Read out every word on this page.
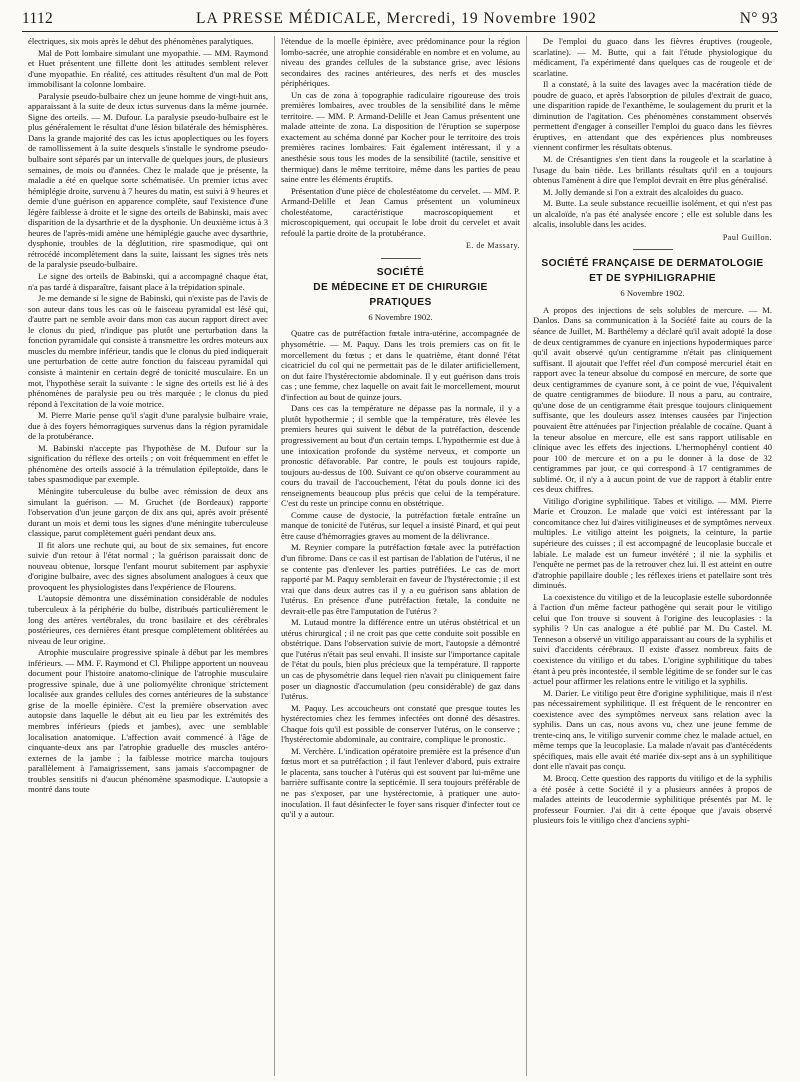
1112	LA PRESSE MÉDICALE, Mercredi, 19 Novembre 1902	N° 93

électriques, six mois après le début des phénomènes paralytiques.

Mal de Pott lombaire simulant une myopathie. — MM. Raymond et Huet présentent une fillette dont les attitudes semblent relever d'une myopathie. En réalité, ces attitudes résultent d'un mal de Pott immobilisant la colonne lombaire.

Paralysie pseudo-bulbaire chez un jeune homme de vingt-huit ans, apparaissant à la suite de deux ictus survenus dans la même journée. Signe des orteils. — M. Dufour. La paralysie pseudo-bulbaire est le plus généralement le résultat d'une lésion bilatérale des hémisphères. Dans la grande majorité des cas les ictus apoplectiques ou les foyers de ramollissement à la suite desquels s'installe le syndrome pseudo-bulbaire sont séparés par un intervalle de quelques jours, de plusieurs semaines, de mois ou d'années. Chez le malade que je présente, la maladie a été en quelque sorte schématisée. Un premier ictus avec hémiplégie droite, survenu à 7 heures du matin, est suivi à 9 heures et demie d'une guérison en apparence complète, sauf l'existence d'une légère faiblesse à droite et le signe des orteils de Babinski, mais avec disparition de la dysarthrie et de la dysphonie. Un deuxième ictus à 3 heures de l'après-midi amène une hémiplégie gauche avec dysarthrie, dysphonie, troubles de la déglutition, rire spasmodique, qui ont rétrocédé incomplètement dans la suite, laissant les signes très nets de la paralysie pseudo-bulbaire.

Le signe des orteils de Babinski, qui a accompagné chaque état, n'a pas tardé à disparaître, faisant place à la trépidation spinale.

Je me demande si le signe de Babinski, qui n'existe pas de l'avis de son auteur dans tous les cas où le faisceau pyramidal est lésé qui, d'autre part ne semble avoir dans mon cas aucun rapport direct avec le clonus du pied, n'indique pas plutôt une perturbation dans la fonction pyramidale qui consiste à transmettre les ordres moteurs aux muscles du membre inférieur, tandis que le clonus du pied indiquerait une perturbation de cette autre fonction du faisceau pyramidal qui consiste à maintenir en certain degré de tonicité musculaire. En un mot, l'hypothèse serait la suivante : le signe des orteils est lié à des phénomènes de paralysie peu ou très marquée ; le clonus du pied répond à l'excitation de la voie motrice.

M. Pierre Marie pense qu'il s'agit d'une paralysie bulbaire vraie, due à des foyers hémorragiques survenus dans la région pyramidale de la protubérance.

M. Babinski n'accepte pas l'hypothèse de M. Dufour sur la signification du réflexe des orteils ; on voit fréquemment en effet le phénomène des orteils associé à la trémulation épileptoïde, dans le tabes spasmodique par exemple.

Méningite tuberculeuse du bulbe avec rémission de deux ans simulant la guérison. — M. Gruchet (de Bordeaux) rapporte l'observation d'un jeune garçon de dix ans qui, après avoir présenté durant un mois et demi tous les signes d'une méningite tuberculeuse classique, parut complètement guéri pendant deux ans.

Il fit alors une rechute qui, au bout de six semaines, fut encore suivie d'un retour à l'état normal ; la guérison paraissait donc de nouveau obtenue, lorsque l'enfant mourut subitement par asphyxie d'origine bulbaire, avec des signes absolument analogues à ceux que provoquent les physiologistes dans l'expérience de Flourens.

L'autopsie démontra une dissémination considérable de nodules tuberculeux à la périphérie du bulbe, distribués particulièrement le long des artères vertébrales, du tronc basilaire et des cérébrales postérieures, ces dernières étant presque complètement oblitérées au niveau de leur origine.

Atrophie musculaire progressive spinale à début par les membres inférieurs. — MM. F. Raymond et Cl. Philippe apportent un nouveau document pour l'histoire anatomo-clinique de l'atrophie musculaire progressive spinale, due à une poliomyélite chronique strictement localisée aux grandes cellules des cornes antérieures de la substance grise de la moelle épinière. C'est la première observation avec autopsie dans laquelle le début ait eu lieu par les extrémités des membres inférieurs (pieds et jambes), avec une semblable localisation anatomique. L'affection avait commencé à l'âge de cinquante-deux ans par l'atrophie graduelle des muscles antéro-externes de la jambe ; la faiblesse motrice marcha toujours parallèlement à l'amaigrissement, sans jamais s'accompagner de troubles sensitifs ni d'aucun phénomène spasmodique. L'autopsie a montré dans toute

l'étendue de la moelle épinière, avec prédominance pour la région lombo-sacrée, une atrophie considérable en nombre et en volume, au niveau des grandes cellules de la substance grise, avec lésions secondaires des racines antérieures, des nerfs et des muscles périphériques.

Un cas de zona à topographie radiculaire rigoureuse des trois premières lombaires, avec troubles de la sensibilité dans le même territoire. — MM. P. Armand-Delille et Jean Camus présentent une malade atteinte de zona. La disposition de l'éruption se superpose exactement au schéma donné par Kocher pour le territoire des trois premières racines lombaires. Fait également intéressant, il y a anesthésie sous tous les modes de la sensibilité (tactile, sensitive et thermique) dans le même territoire, même dans les parties de peau saine entre les éléments éruptifs.

Présentation d'une pièce de cholestéatome du cervelet. — MM. P. Armand-Delille et Jean Camus présentent un volumineux cholestéatome, caractéristique macroscopiquement et microscopiquement, qui occupait le lobe droit du cervelet et avait refoulé la partie droite de la protubérance.

E. de Massary.
SOCIÉTÉ
DE MÉDECINE ET DE CHIRURGIE PRATIQUES
6 Novembre 1902.

Quatre cas de putréfaction fœtale intra-utérine, accompagnée de physométrie. — M. Paquy. Dans les trois premiers cas on fit le morcellement du fœtus ; et dans le quatrième, étant donné l'état cicatriciel du col qui ne permettait pas de le dilater artificiellement, on dut faire l'hystérectomie abdominale. Il y eut guérison dans trois cas ; une femme, chez laquelle on avait fait le morcellement, mourut d'infection au bout de quinze jours.

Dans ces cas la température ne dépasse pas la normale, il y a plutôt hypothermie ; il semble que la température, très élevée les premiers heures qui suivent le début de la putréfaction, descende progressivement au bout d'un certain temps. L'hypothermie est due à une intoxication profonde du système nerveux, et comporte un pronostic défavorable. Par contre, le pouls est toujours rapide, toujours au-dessus de 100. Suivant ce qu'on observe couramment au cours du travail de l'accouchement, l'état du pouls donne ici des renseignements beaucoup plus précis que celui de la température. C'est du reste un principe connu en obstétrique.

Comme cause de dystocie, la putréfaction fœtale entraîne un manque de tonicité de l'utérus, sur lequel a insisté Pinard, et qui peut être cause d'hémorragies graves au moment de la délivrance.

M. Reynier compare la putréfaction fœtale avec la putréfaction d'un fibrome. Dans ce cas il est partisan de l'ablation de l'utérus, il ne se contente pas d'enlever les parties putréfiées. Le cas de mort rapporté par M. Paquy semblerait en faveur de l'hystérectomie ; il est vrai que dans deux autres cas il y a eu guérison sans ablation de l'utérus. En présence d'une putréfaction fœtale, la conduite ne devrait-elle pas être l'amputation de l'utérus ?

M. Lutaud montre la différence entre un utérus obstétrical et un utérus chirurgical ; il ne croit pas que cette conduite soit possible en obstétrique. Dans l'observation suivie de mort, l'autopsie a démontré que l'utérus n'était pas seul envahi. Il insiste sur l'importance capitale de l'état du pouls, bien plus précieux que la température. Il rapporte un cas de physométrie dans lequel rien n'avait pu cliniquement faire poser un diagnostic d'accumulation (peu considérable) de gaz dans l'utérus.

M. Paquy. Les accoucheurs ont constaté que presque toutes les hystérectomies chez les femmes infectées ont donné des désastres. Chaque fois qu'il est possible de conserver l'utérus, on le conserve ; l'hystérectomie abdominale, au contraire, complique le pronostic.

M. Verchère. L'indication opératoire première est la présence d'un fœtus mort et sa putréfaction ; il faut l'enlever d'abord, puis extraire le placenta, sans toucher à l'utérus qui est souvent par lui-même une barrière suffisante contre la septicémie. Il sera toujours préférable de ne pas s'exposer, par une hystérectomie, à pratiquer une auto-inoculation. Il faut désinfecter le foyer sans risquer d'infecter tout ce qu'il y a autour.

De l'emploi du guaco dans les fièvres éruptives (rougeole, scarlatine). — M. Butte, qui a fait l'étude physiologique du médicament, l'a expérimenté dans quelques cas de rougeole et de scarlatine.

Il a constaté, à la suite des lavages avec la macération tiède de poudre de guaco, et après l'absorption de pilules d'extrait de guaco, une disparition rapide de l'exanthème, le soulagement du prurit et la diminution de l'agitation. Ces phénomènes constamment observés permettent d'engager à conseiller l'emploi du guaco dans les fièvres éruptives, en attendant que des expériences plus nombreuses viennent confirmer les résultats obtenus.

M. de Crésantignes s'en tient dans la rougeole et la scarlatine à l'usage du bain tiède. Les brillants résultats qu'il en a toujours obtenus l'amènent à dire que l'emploi devrait en être plus généralisé.

M. Jolly demande si l'on a extrait des alcaloïdes du guaco.

M. Butte. La seule substance recueillie isolément, et qui n'est pas un alcaloïde, n'a pas été analysée encore ; elle est soluble dans les alcalis, insoluble dans les acides.

Paul Guillon.
SOCIÉTÉ FRANÇAISE DE DERMATOLOGIE
ET DE SYPHILIGRAPHIE
6 Novembre 1902.

A propos des injections de sels solubles de mercure. — M. Danlos. Dans sa communication à la Société faite au cours de la séance de Juillet, M. Barthélemy a déclaré qu'il avait adopté la dose de deux centigrammes de cyanure en injections hypodermiques parce qu'il avait observé qu'un centigramme n'était pas cliniquement suffisant. Il ajoutait que l'effet réel d'un composé mercuriel était en rapport avec la teneur absolue du composé en mercure, de sorte que deux centigrammes de cyanure sont, à ce point de vue, l'équivalent de quatre centigrammes de biiodure. Il nous a paru, au contraire, qu'une dose de un centigramme était presque toujours cliniquement suffisante, que les douleurs assez intenses causées par l'injection pouvaient être atténuées par l'injection préalable de cocaïne. Quant à la teneur absolue en mercure, elle est sans rapport utilisable en clinique avec les effets des injections. L'hermophényl contient 40 pour 100 de mercure et on a pu le donner à la dose de 32 centigrammes par jour, ce qui correspond à 17 centigrammes de sublimé. Or, il n'y a à aucun point de vue de rapport à établir entre ces deux chiffres.

Vitiligo d'origine syphilitique. Tabes et vitiligo. — MM. Pierre Marie et Crouzon. Le malade que voici est intéressant par la concomitance chez lui d'aires vitiligineuses et de symptômes nerveux multiples. Le vitiligo atteint les poignets, la ceinture, la partie supérieure des cuisses ; il est accompagné de leucoplasie buccale et labiale. Le malade est un fumeur invétéré ; il nie la syphilis et l'enquête ne permet pas de la retrouver chez lui. Il est atteint en outre d'atrophie papillaire double ; les réflexes iriens et patellaire sont très diminués.

La coexistence du vitiligo et de la leucoplasie estelle subordonnée à l'action d'un même facteur pathogène qui serait pour le vitiligo celui que l'on trouve si souvent à l'origine des leucoplasies : la syphilis ? Un cas analogue a été publié par M. Du Castel. M. Tenneson a observé un vitiligo apparaissant au cours de la syphilis et suivi d'accidents cérébraux. Il existe d'assez nombreux faits de coexistence du vitiligo et du tabes. L'origine syphilitique du tabes étant à peu près incontestée, il semble légitime de se fonder sur le cas actuel pour affirmer les relations entre le vitiligo et la syphilis.

M. Darier. Le vitiligo peut être d'origine syphilitique, mais il n'est pas nécessairement syphilitique. Il est fréquent de le rencontrer en coexistence avec des symptômes nerveux sans relation avec la syphilis. Dans un cas, nous avons vu, chez une jeune femme de trente-cinq ans, le vitiligo survenir comme chez le malade actuel, en même temps que la leucoplasie. La malade n'avait pas d'antécédents spécifiques, mais elle avait été mariée dix-sept ans à un syphilitique dont elle n'avait pas conçu.

M. Brocq. Cette question des rapports du vitiligo et de la syphilis a été posée à cette Société il y a plusieurs années à propos de malades atteints de leucodermie syphilitique présentés par M. le professeur Fournier. J'ai dit à cette époque que j'avais observé plusieurs fois le vitiligo chez d'anciens syphi-
